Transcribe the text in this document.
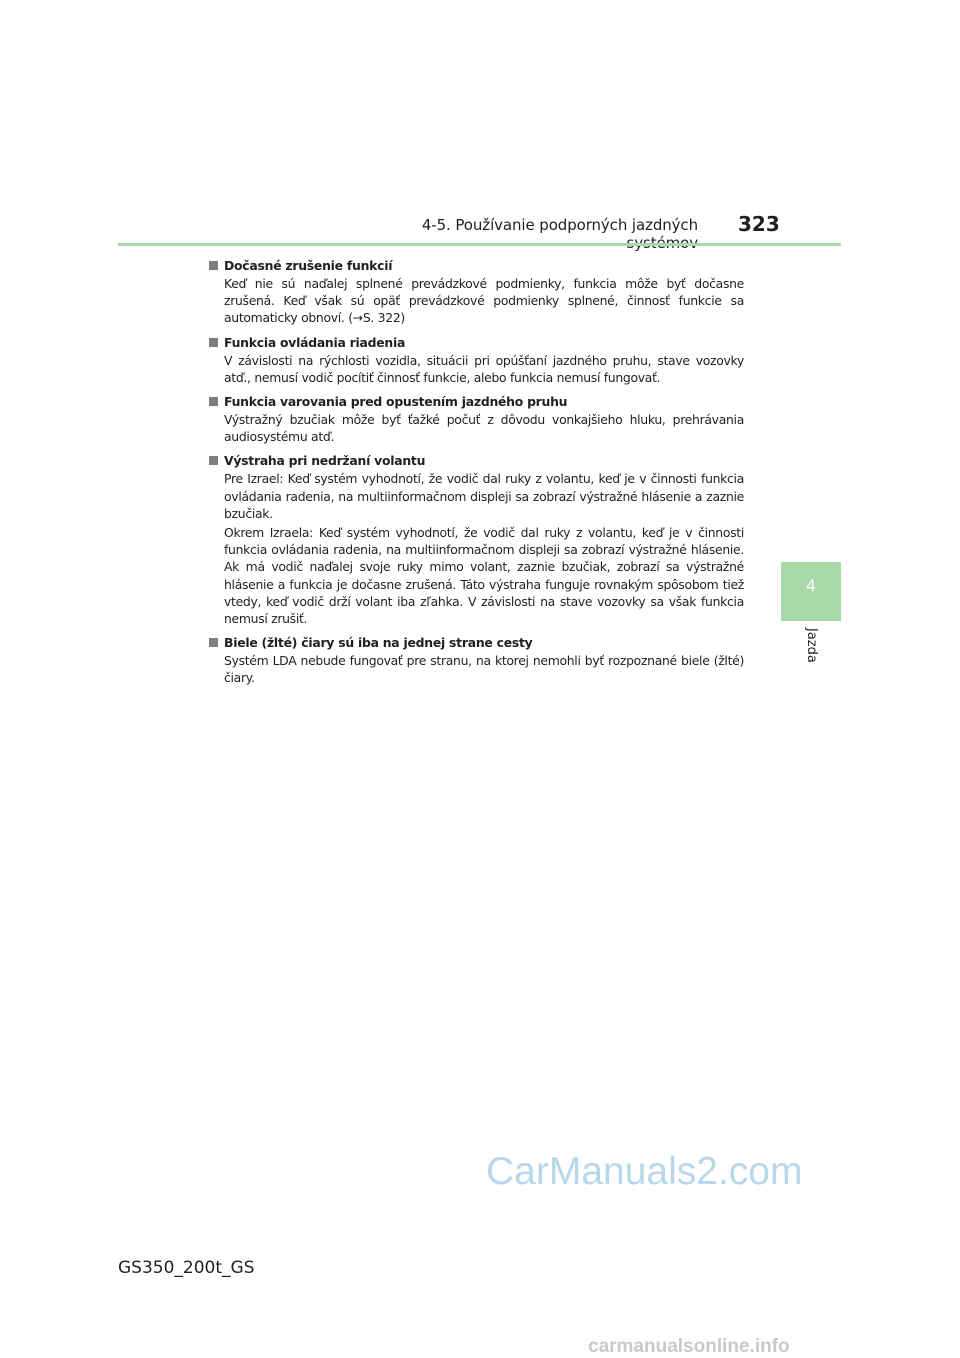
4-5. Používanie podporných jazdných 323
4
Jazda
Dočasné zrušenie funkcií
Keď nie sú naďalej splnené prevádzkové podmienky, funkcia môže byť dočasne zrušená. Keď však sú opäť prevádzkové podmienky splnené, činnosť funkcie sa automaticky obnoví. (→S. 322)
Funkcia ovládania riadenia
V závislosti na rýchlosti vozidla, situácii pri opúšťaní jazdného pruhu, stave vozovky atď., nemusí vodič pocítiť činnosť funkcie, alebo funkcia nemusí fungovať.
Funkcia varovania pred opustením jazdného pruhu
Výstražný bzučiak môže byť ťažké počuť z dôvodu vonkajšieho hluku, prehrávania audiosystému atď.
Výstraha pri nedržaní volantu
Pre Izrael: Keď systém vyhodnotí, že vodič dal ruky z volantu, keď je v činnosti funkcia ovládania radenia, na multiinformačnom displeji sa zobrazí výstražné hlásenie a zaznie bzučiak.
Okrem Izraela: Keď systém vyhodnotí, že vodič dal ruky z volantu, keď je v činnosti funkcia ovládania radenia, na multiinformačnom displeji sa zobrazí výstražné hlásenie. Ak má vodič naďalej svoje ruky mimo volant, zaznie bzučiak, zobrazí sa výstražné hlásenie a funkcia je dočasne zrušená. Táto výstraha funguje rovnakým spôsobom tiež vtedy, keď vodič drží volant iba zľahka. V závislosti na stave vozovky sa však funkcia nemusí zrušiť.
Biele (žlté) čiary sú iba na jednej strane cesty
Systém LDA nebude fungovať pre stranu, na ktorej nemohli byť rozpoznané biele (žlté) čiary.
CarManuals2.com
GS350_200t_GS
carmanualsonline.info
